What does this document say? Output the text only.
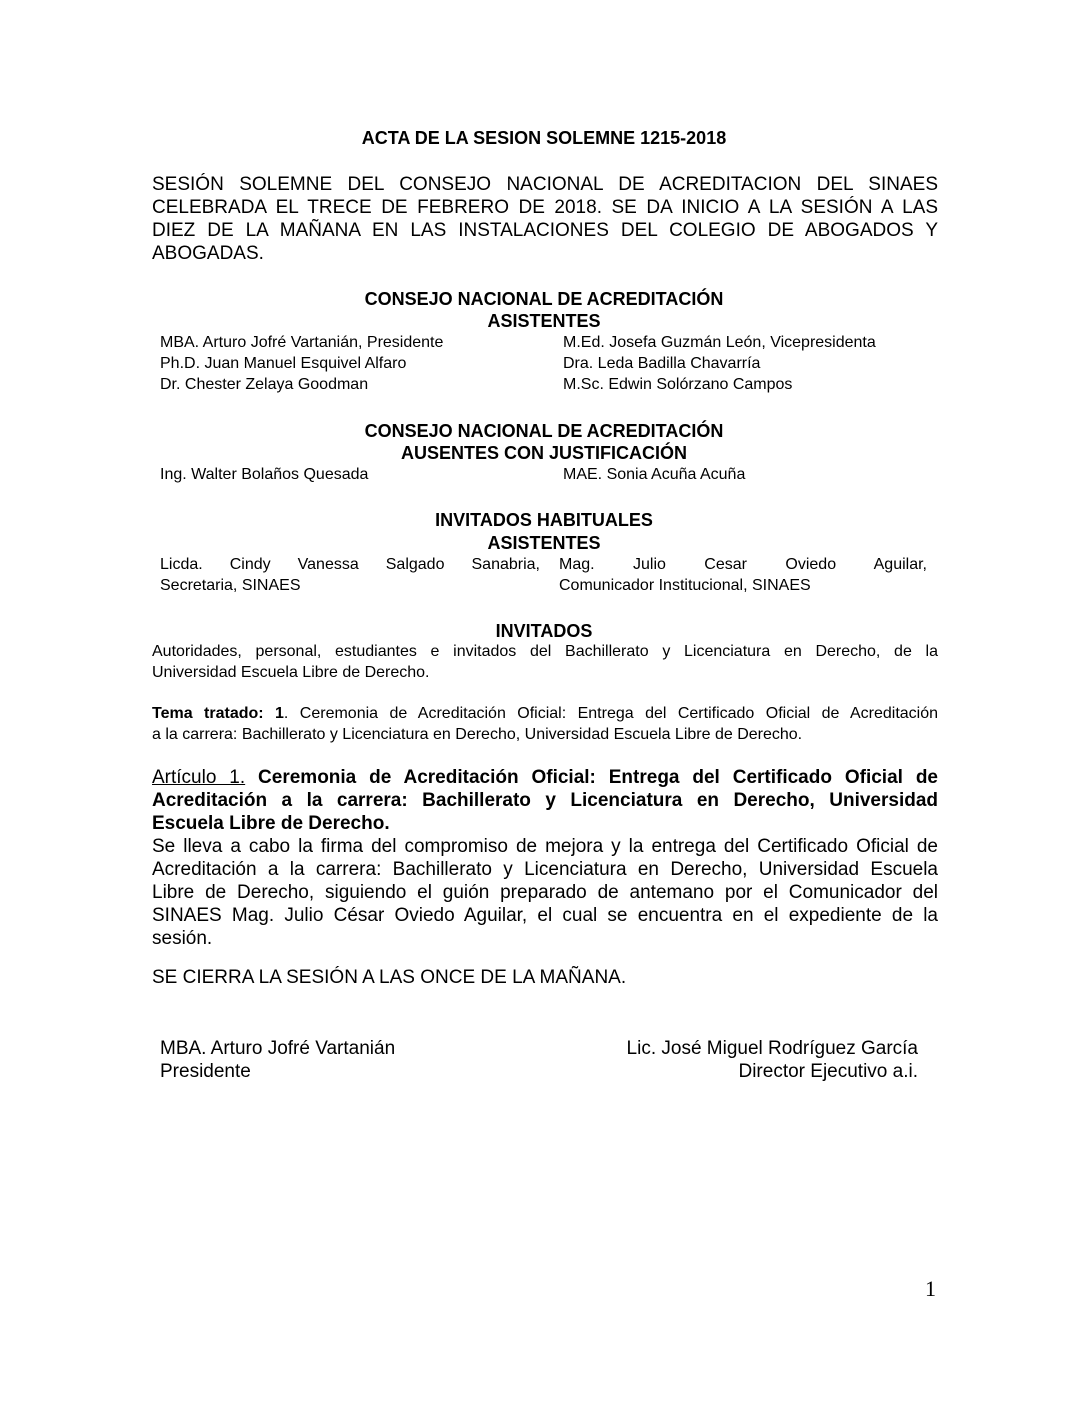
ACTA DE LA SESION SOLEMNE 1215-2018
SESIÓN SOLEMNE DEL CONSEJO NACIONAL DE ACREDITACION DEL SINAES
CELEBRADA EL TRECE DE FEBRERO DE 2018. SE DA INICIO A LA SESIÓN A LAS
DIEZ DE LA MAÑANA EN LAS INSTALACIONES DEL COLEGIO DE ABOGADOS Y
ABOGADAS.
CONSEJO NACIONAL DE ACREDITACIÓN
ASISTENTES
MBA. Arturo Jofré Vartanián, Presidente
Ph.D. Juan Manuel Esquivel Alfaro
Dr. Chester Zelaya Goodman
M.Ed. Josefa Guzmán León, Vicepresidenta
Dra. Leda Badilla Chavarría
M.Sc. Edwin Solórzano Campos
CONSEJO NACIONAL DE ACREDITACIÓN
AUSENTES CON JUSTIFICACIÓN
Ing. Walter Bolaños Quesada	MAE. Sonia Acuña Acuña
INVITADOS HABITUALES
ASISTENTES
Licda. Cindy Vanessa Salgado Sanabria,
Secretaria, SINAES
Mag. Julio Cesar Oviedo Aguilar,
Comunicador Institucional, SINAES
INVITADOS
Autoridades, personal, estudiantes e invitados del Bachillerato y Licenciatura en Derecho, de la
Universidad Escuela Libre de Derecho.
Tema tratado: 1. Ceremonia de Acreditación Oficial: Entrega del Certificado Oficial de Acreditación
a la carrera: Bachillerato y Licenciatura en Derecho, Universidad Escuela Libre de Derecho.
Artículo 1. Ceremonia de Acreditación Oficial: Entrega del Certificado Oficial de
Acreditación a la carrera: Bachillerato y Licenciatura en Derecho, Universidad
Escuela Libre de Derecho.
Se lleva a cabo la firma del compromiso de mejora y la entrega del Certificado Oficial de
Acreditación a la carrera: Bachillerato y Licenciatura en Derecho, Universidad Escuela
Libre de Derecho, siguiendo el guión preparado de antemano por el Comunicador del
SINAES Mag. Julio César Oviedo Aguilar, el cual se encuentra en el expediente de la
sesión.
SE CIERRA LA SESIÓN A LAS ONCE DE LA MAÑANA.
MBA. Arturo Jofré Vartanián
Presidente
Lic. José Miguel Rodríguez García
Director Ejecutivo a.i.
1
